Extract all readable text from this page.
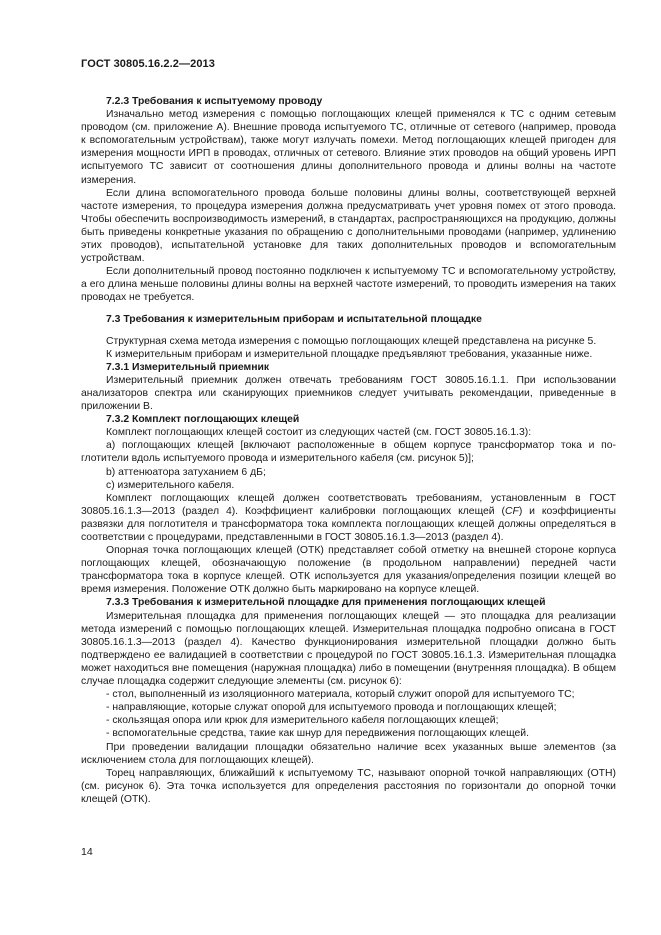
ГОСТ 30805.16.2.2—2013

7.2.3 Требования к испытуемому проводу

Изначально метод измерения с помощью поглощающих клещей применялся к ТС с одним сетевым проводом (см. приложение А). Внешние провода испытуемого ТС, отличные от сетевого (например, провода к вспомогательным устройствам), также могут излучать помехи. Метод поглощающих клещей пригоден для измерения мощности ИРП в проводах, отличных от сетевого. Влияние этих проводов на общий уровень ИРП испытуемого ТС зависит от соотношения длины дополнительного провода и длины волны на частоте измерения.

Если длина вспомогательного провода больше половины длины волны, соответствующей верхней частоте измерения, то процедура измерения должна предусматривать учет уровня помех от этого провода. Чтобы обеспечить воспроизводимость измерений, в стандартах, распространяющихся на продукцию, должны быть приведены конкретные указания по обращению с дополнительными проводами (например, удлинению этих проводов), испытательной установке для таких дополнительных проводов и вспомогательным устройствам.

Если дополнительный провод постоянно подключен к испытуемому ТС и вспомогательному устройству, а его длина меньше половины длины волны на верхней частоте измерений, то проводить измерения на таких проводах не требуется.

7.3 Требования к измерительным приборам и испытательной площадке

Структурная схема метода измерения с помощью поглощающих клещей представлена на рисунке 5.

К измерительным приборам и измерительной площадке предъявляют требования, указанные ниже.

7.3.1 Измерительный приемник

Измерительный приемник должен отвечать требованиям ГОСТ 30805.16.1.1. При использовании анализаторов спектра или сканирующих приемников следует учитывать рекомендации, приведенные в приложении В.

7.3.2 Комплект поглощающих клещей

Комплект поглощающих клещей состоит из следующих частей (см. ГОСТ 30805.16.1.3):

a) поглощающих клещей [включают расположенные в общем корпусе трансформатор тока и поглотители вдоль испытуемого провода и измерительного кабеля (см. рисунок 5)];

b) аттенюатора затуханием 6 дБ;

c) измерительного кабеля.

Комплект поглощающих клещей должен соответствовать требованиям, установленным в ГОСТ 30805.16.1.3—2013 (раздел 4). Коэффициент калибровки поглощающих клещей (CF) и коэффициенты развязки для поглотителя и трансформатора тока комплекта поглощающих клещей должны определяться в соответствии с процедурами, представленными в ГОСТ 30805.16.1.3—2013 (раздел 4).

Опорная точка поглощающих клещей (ОТК) представляет собой отметку на внешней стороне корпуса поглощающих клещей, обозначающую положение (в продольном направлении) передней части трансформатора тока в корпусе клещей. ОТК используется для указания/определения позиции клещей во время измерения. Положение ОТК должно быть маркировано на корпусе клещей.

7.3.3 Требования к измерительной площадке для применения поглощающих клещей

Измерительная площадка для применения поглощающих клещей — это площадка для реализации метода измерений с помощью поглощающих клещей. Измерительная площадка подробно описана в ГОСТ 30805.16.1.3—2013 (раздел 4). Качество функционирования измерительной площадки должно быть подтверждено ее валидацией в соответствии с процедурой по ГОСТ 30805.16.1.3. Измерительная площадка может находиться вне помещения (наружная площадка) либо в помещении (внутренняя площадка). В общем случае площадка содержит следующие элементы (см. рисунок 6):

- стол, выполненный из изоляционного материала, который служит опорой для испытуемого ТС;

- направляющие, которые служат опорой для испытуемого провода и поглощающих клещей;

- скользящая опора или крюк для измерительного кабеля поглощающих клещей;

- вспомогательные средства, такие как шнур для передвижения поглощающих клещей.

При проведении валидации площадки обязательно наличие всех указанных выше элементов (за исключением стола для поглощающих клещей).

Торец направляющих, ближайший к испытуемому ТС, называют опорной точкой направляющих (ОТН) (см. рисунок 6). Эта точка используется для определения расстояния по горизонтали до опорной точки клещей (ОТК).

14
